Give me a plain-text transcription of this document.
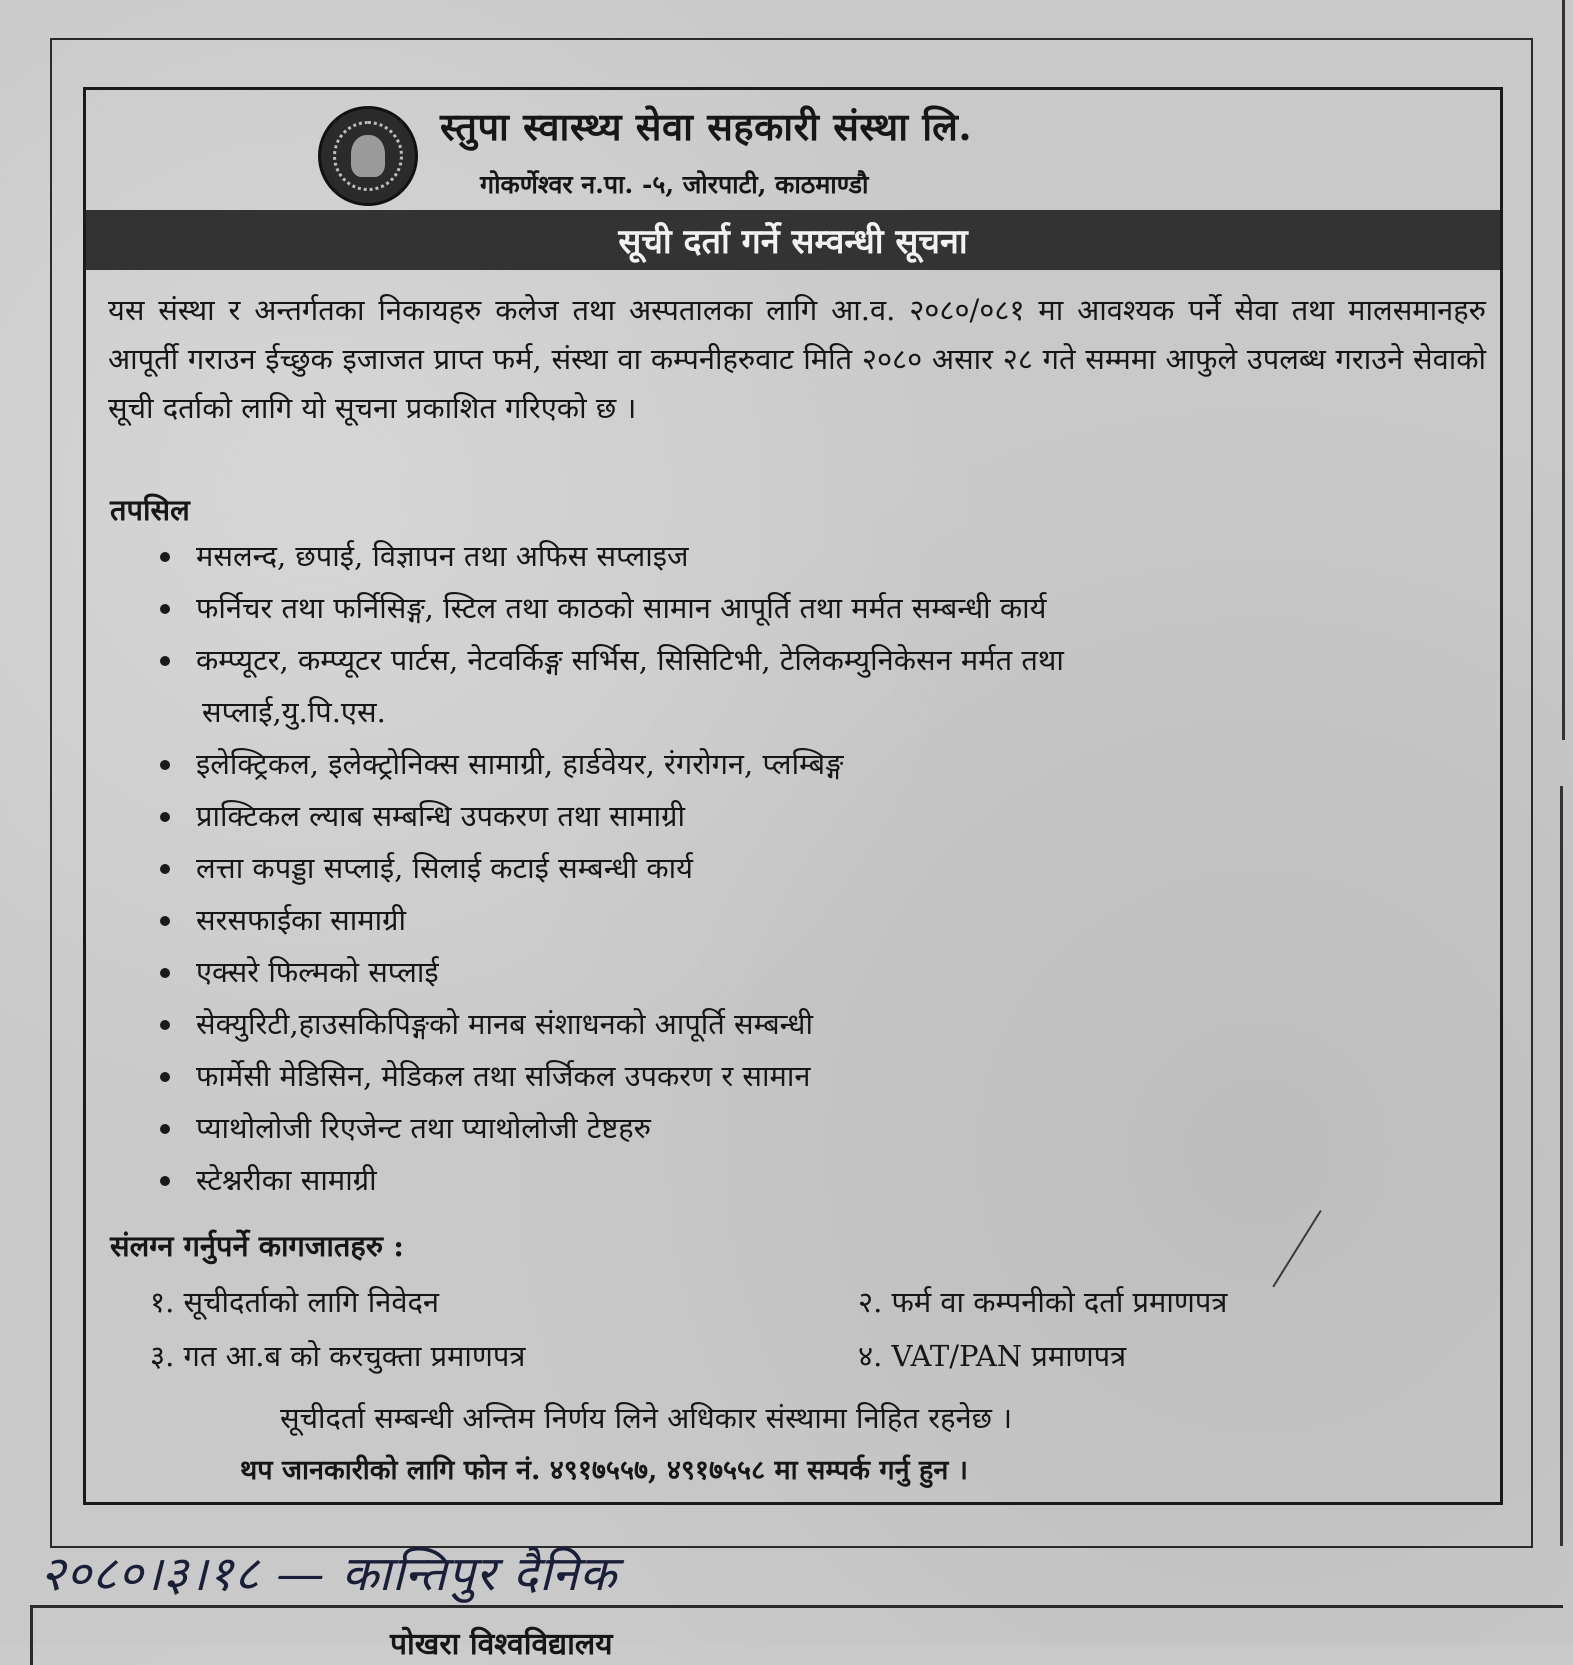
स्तुपा स्वास्थ्य सेवा सहकारी संस्था लि.
गोकर्णेश्वर न.पा. -५, जोरपाटी, काठमाण्डौ
सूची दर्ता गर्ने सम्वन्धी सूचना
यस संस्था र अन्तर्गतका निकायहरु कलेज तथा अस्पतालका लागि आ.व. २०८०/०८१ मा आवश्यक पर्ने सेवा तथा मालसमानहरु आपूर्ती गराउन ईच्छुक इजाजत प्राप्त फर्म, संस्था वा कम्पनीहरुवाट मिति २०८० असार २८ गते सम्ममा आफुले उपलब्ध गराउने सेवाको सूची दर्ताको लागि यो सूचना प्रकाशित गरिएको छ ।
तपसिल
मसलन्द, छपाई, विज्ञापन तथा अफिस सप्लाइज
फर्निचर तथा फर्निसिङ्ग, स्टिल तथा काठको सामान आपूर्ति तथा मर्मत सम्बन्धी कार्य
कम्प्यूटर, कम्प्यूटर पार्टस, नेटवर्किङ्ग सर्भिस, सिसिटिभी, टेलिकम्युनिकेसन मर्मत तथा
सप्लाई,यु.पि.एस.
इलेक्ट्रिकल, इलेक्ट्रोनिक्स सामाग्री, हार्डवेयर, रंगरोगन, प्लम्बिङ्ग
प्राक्टिकल ल्याब सम्बन्धि उपकरण तथा सामाग्री
लत्ता कपड्डा सप्लाई, सिलाई कटाई सम्बन्धी कार्य
सरसफाईका सामाग्री
एक्सरे फिल्मको सप्लाई
सेक्युरिटी,हाउसकिपिङ्गको मानब संशाधनको आपूर्ति सम्बन्धी
फार्मेसी मेडिसिन, मेडिकल तथा सर्जिकल उपकरण र सामान
प्याथोलोजी रिएजेन्ट तथा प्याथोलोजी टेष्टहरु
स्टेश्नरीका सामाग्री
संलग्न गर्नुपर्ने कागजातहरु :
१. सूचीदर्ताको लागि निवेदन	२. फर्म वा कम्पनीको दर्ता प्रमाणपत्र
३. गत आ.ब को करचुक्ता प्रमाणपत्र	४. VAT/PAN प्रमाणपत्र
सूचीदर्ता सम्बन्धी अन्तिम निर्णय लिने अधिकार संस्थामा निहित रहनेछ ।
थप जानकारीको लागि फोन नं. ४९१७५५७, ४९१७५५८ मा सम्पर्क गर्नु हुन ।
२०८०।३।१८ — कान्तिपुर दैनिक
पोखरा विश्वविद्यालय
